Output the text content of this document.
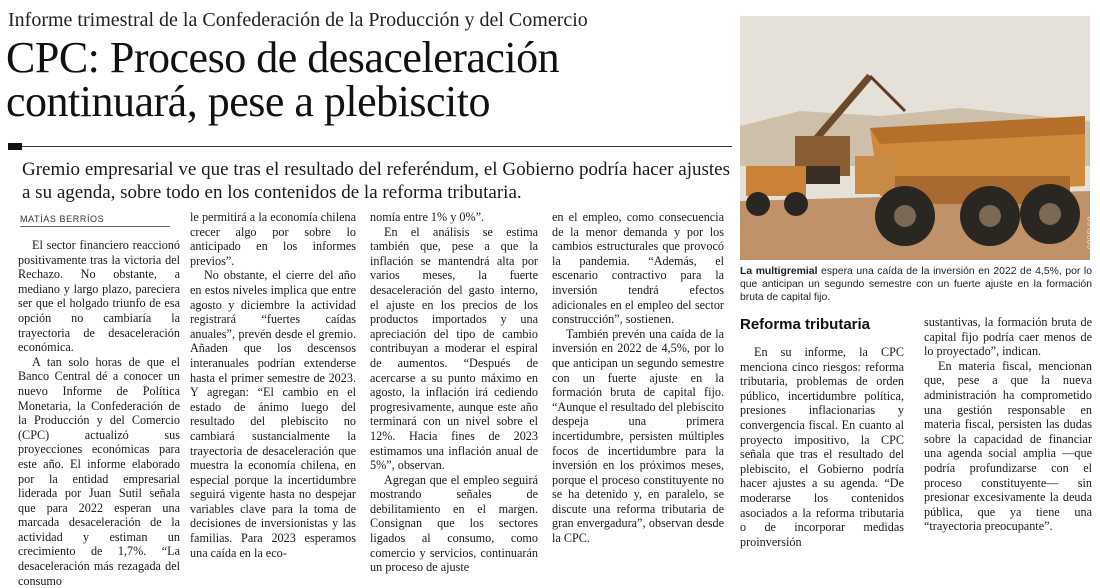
Informe trimestral de la Confederación de la Producción y del Comercio
CPC: Proceso de desaceleración
continuará, pese a plebiscito
Gremio empresarial ve que tras el resultado del referéndum, el Gobierno podría hacer ajustes a su agenda, sobre todo en los contenidos de la reforma tributaria.
MATÍAS BERRÍOS

El sector financiero reaccionó positivamente tras la victoria del Rechazo. No obstante, a mediano y largo plazo, pareciera ser que el holgado triunfo de esa opción no cambiaría la trayectoria de desaceleración económica.

A tan solo horas de que el Banco Central dé a conocer un nuevo Informe de Política Monetaria, la Confederación de la Producción y del Comercio (CPC) actualizó sus proyecciones económicas para este año. El informe elaborado por la entidad empresarial liderada por Juan Sutil señala que para 2022 esperan una marcada desaceleración de la actividad y estiman un crecimiento de 1,7%. “La desaceleración más rezagada del consumo

le permitirá a la economía chilena crecer algo por sobre lo anticipado en los informes previos”.

No obstante, el cierre del año en estos niveles implica que entre agosto y diciembre la actividad registrará “fuertes caídas anuales”, prevén desde el gremio. Añaden que los descensos interanuales podrían extenderse hasta el primer semestre de 2023. Y agregan: “El cambio en el estado de ánimo luego del resultado del plebiscito no cambiará sustancialmente la trayectoria de desaceleración que muestra la economía chilena, en especial porque la incertidumbre seguirá vigente hasta no despejar variables clave para la toma de decisiones de inversionistas y las familias. Para 2023 esperamos una caída en la eco-

nomía entre 1% y 0%”.

En el análisis se estima también que, pese a que la inflación se mantendrá alta por varios meses, la fuerte desaceleración del gasto interno, el ajuste en los precios de los productos importados y una apreciación del tipo de cambio contribuyan a moderar el espiral de aumentos. “Después de acercarse a su punto máximo en agosto, la inflación irá cediendo progresivamente, aunque este año terminará con un nivel sobre el 12%. Hacia fines de 2023 estimamos una inflación anual de 5%”, observan.

Agregan que el empleo seguirá mostrando señales de debilitamiento en el margen. Consignan que los sectores ligados al consumo, como comercio y servicios, continuarán un proceso de ajuste

en el empleo, como consecuencia de la menor demanda y por los cambios estructurales que provocó la pandemia. “Además, el escenario contractivo para la inversión tendrá efectos adicionales en el empleo del sector construcción”, sostienen.

También prevén una caída de la inversión en 2022 de 4,5%, por lo que anticipan un segundo semestre con un fuerte ajuste en la formación bruta de capital fijo. “Aunque el resultado del plebiscito despeja una primera incertidumbre, persisten múltiples focos de incertidumbre para la inversión en los próximos meses, porque el proceso constituyente no se ha detenido y, en paralelo, se discute una reforma tributaria de gran envergadura”, observan desde la CPC.

CODELCO
La multigremial espera una caída de la inversión en 2022 de 4,5%, por lo que anticipan un segundo semestre con un fuerte ajuste en la formación bruta de capital fijo.
Reforma tributaria

En su informe, la CPC menciona cinco riesgos: reforma tributaria, problemas de orden público, incertidumbre política, presiones inflacionarias y convergencia fiscal. En cuanto al proyecto impositivo, la CPC señala que tras el resultado del plebiscito, el Gobierno podría hacer ajustes a su agenda. “De moderarse los contenidos asociados a la reforma tributaria o de incorporar medidas proinversión

sustantivas, la formación bruta de capital fijo podría caer menos de lo proyectado”, indican.

En materia fiscal, mencionan que, pese a que la nueva administración ha comprometido una gestión responsable en materia fiscal, persisten las dudas sobre la capacidad de financiar una agenda social amplia —que podría profundizarse con el proceso constituyente— sin presionar excesivamente la deuda pública, que ya tiene una “trayectoria preocupante”.
